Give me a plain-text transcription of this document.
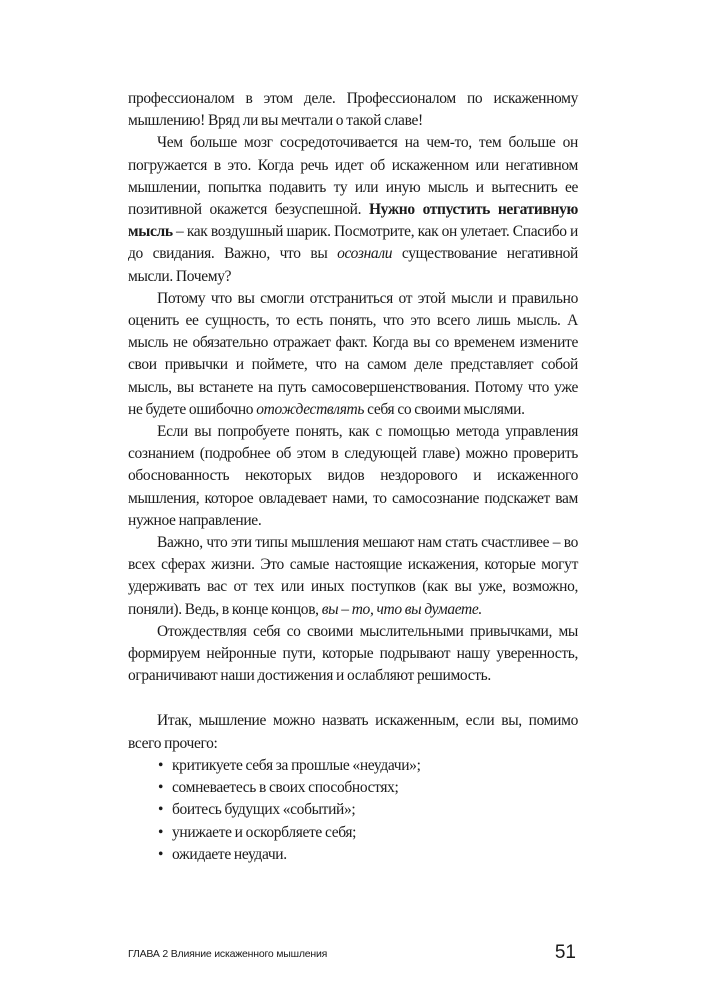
профессионалом в этом деле. Профессионалом по искаженному мышлению! Вряд ли вы мечтали о такой славе!

Чем больше мозг сосредоточивается на чем-то, тем больше он погружается в это. Когда речь идет об искаженном или негативном мышлении, попытка подавить ту или иную мысль и вытеснить ее позитивной окажется безуспешной. Нужно отпустить негативную мысль – как воздушный шарик. Посмотрите, как он улетает. Спасибо и до свидания. Важно, что вы осознали существование негативной мысли. Почему?

Потому что вы смогли отстраниться от этой мысли и правильно оценить ее сущность, то есть понять, что это всего лишь мысль. А мысль не обязательно отражает факт. Когда вы со временем измените свои привычки и поймете, что на самом деле представляет собой мысль, вы встанете на путь самосовершенствования. Потому что уже не будете ошибочно отождествлять себя со своими мыслями.

Если вы попробуете понять, как с помощью метода управления сознанием (подробнее об этом в следующей главе) можно проверить обоснованность некоторых видов нездорового и искаженного мышления, которое овладевает нами, то самосознание подскажет вам нужное направление.

Важно, что эти типы мышления мешают нам стать счастливее – во всех сферах жизни. Это самые настоящие искажения, которые могут удерживать вас от тех или иных поступков (как вы уже, возможно, поняли). Ведь, в конце концов, вы – то, что вы думаете.

Отождествляя себя со своими мыслительными привычками, мы формируем нейронные пути, которые подрывают нашу уверенность, ограничивают наши достижения и ослабляют решимость.

Итак, мышление можно назвать искаженным, если вы, помимо всего прочего:

• критикуете себя за прошлые «неудачи»;
• сомневаетесь в своих способностях;
• боитесь будущих «событий»;
• унижаете и оскорбляете себя;
• ожидаете неудачи.
ГЛАВА 2 Влияние искаженного мышления	51
